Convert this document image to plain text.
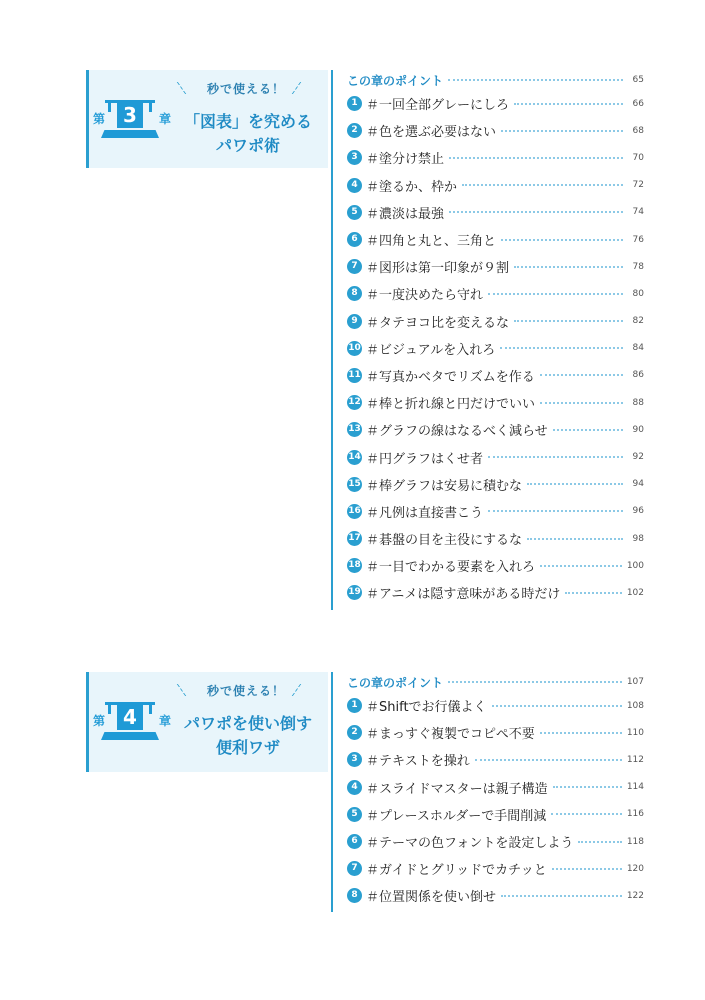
第 3	章
秒で使える！
「図表」を究める
パワポ術
この章のポイント	65
1 ＃一回全部グレーにしろ	66
2 ＃色を選ぶ必要はない	68
3 ＃塗分け禁止	70
4 ＃塗るか、枠か	72
5 ＃濃淡は最強	74
6 ＃四角と丸と、三角と	76
7 ＃図形は第一印象が９割	78
8 ＃一度決めたら守れ	80
9 ＃タテヨコ比を変えるな	82
10 ＃ビジュアルを入れろ	84
11 ＃写真かベタでリズムを作る	86
12 ＃棒と折れ線と円だけでいい	88
13 ＃グラフの線はなるべく減らせ	90
14 ＃円グラフはくせ者	92
15 ＃棒グラフは安易に積むな	94
16 ＃凡例は直接書こう	96
17 ＃碁盤の目を主役にするな	98
18 ＃一目でわかる要素を入れろ	100
19 ＃アニメは隠す意味がある時だけ	102
第 4	章
秒で使える！
パワポを使い倒す
便利ワザ
この章のポイント	107
1 ＃Shiftでお行儀よく	108
2 ＃まっすぐ複製でコピペ不要	110
3 ＃テキストを操れ	112
4 ＃スライドマスターは親子構造	114
5 ＃プレースホルダーで手間削減	116
6 ＃テーマの色フォントを設定しよう	118
7 ＃ガイドとグリッドでカチッと	120
8 ＃位置関係を使い倒せ	122
